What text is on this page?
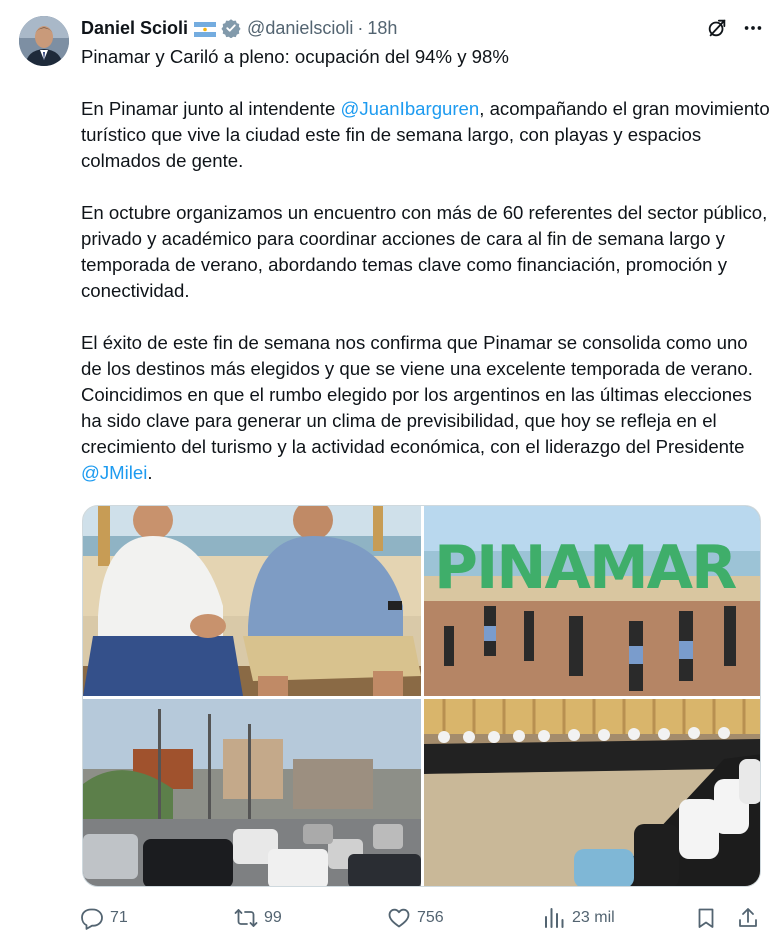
Daniel Scioli	@danielscioli · 18h

Pinamar y Cariló a pleno: ocupación del 94% y 98%

En Pinamar junto al intendente @JuanIbarguren, acompañando el gran movimiento turístico que vive la ciudad este fin de semana largo, con playas y espacios colmados de gente.

En octubre organizamos un encuentro con más de 60 referentes del sector público, privado y académico para coordinar acciones de cara al fin de semana largo y temporada de verano, abordando temas clave como financiación, promoción y conectividad.

El éxito de este fin de semana nos confirma que Pinamar se consolida como uno de los destinos más elegidos y que se viene una excelente temporada de verano. Coincidimos en que el rumbo elegido por los argentinos en las últimas elecciones ha sido clave para generar un clima de previsibilidad, que hoy se refleja en el crecimiento del turismo y la actividad económica, con el liderazgo del Presidente @JMilei.

PINAMAR
71	99	756	23 mil
